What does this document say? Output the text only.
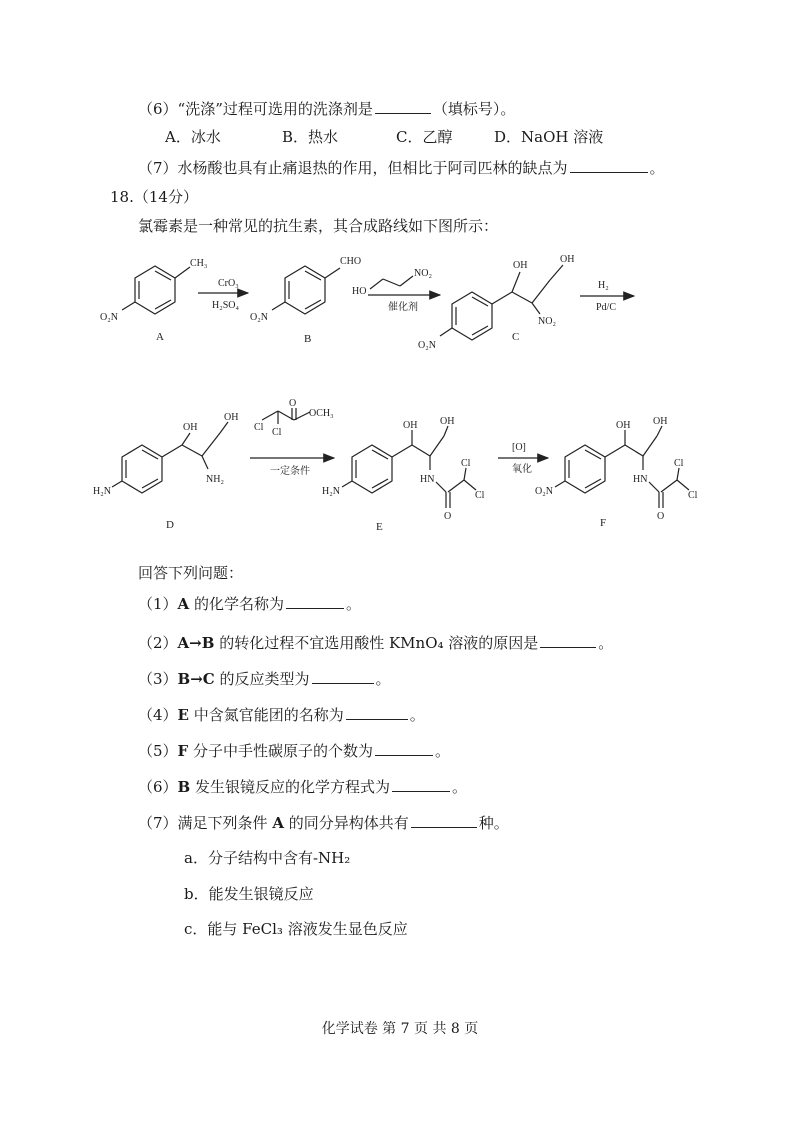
（6）“洗涤”过程可选用的洗涤剂是	（填标号）。
A．冰水	B．热水	C．乙醇	D．NaOH 溶液
（7）水杨酸也具有止痛退热的作用，但相比于阿司匹林的缺点为	。
18.（14分）
氯霉素是一种常见的抗生素，其合成路线如下图所示：
CH₃
O₂N
CrO₃
H₂SO₄
CHO
O₂N
HO
NO₂
催化剂
OH
OH
NO₂
O₂N
H₂
Pd/C
OH
OH
NH₂
H₂N
Cl Cl
O
OCH₃
一定条件
OH OH
HN
O
Cl
Cl
H₂N
[O]
氧化
OH OH
HN
O
Cl
Cl
O₂N
A	B	C
D	E	F
回答下列问题：
（1）A 的化学名称为	。
（2）A→B 的转化过程不宜选用酸性 KMnO₄ 溶液的原因是	。
（3）B→C 的反应类型为	。
（4）E 中含氮官能团的名称为	。
（5）F 分子中手性碳原子的个数为	。
（6）B 发生银镜反应的化学方程式为	。
（7）满足下列条件 A 的同分异构体共有	种。
a．分子结构中含有-NH₂
b．能发生银镜反应
c．能与 FeCl₃ 溶液发生显色反应
化学试卷 第 7 页 共 8 页
